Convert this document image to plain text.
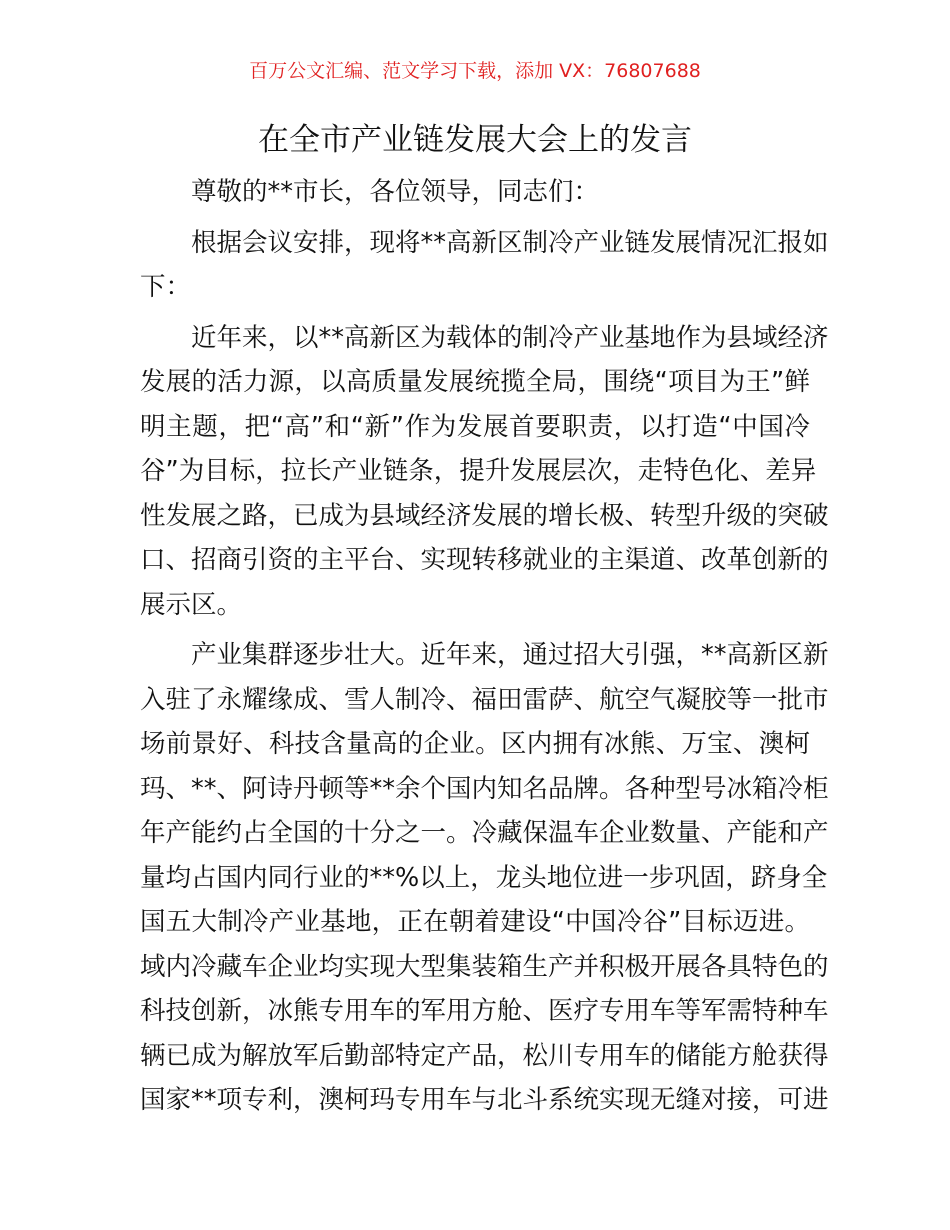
百万公文汇编、范文学习下载，添加 VX：76807688
在全市产业链发展大会上的发言
尊敬的**市长，各位领导，同志们：
根据会议安排，现将**高新区制冷产业链发展情况汇报如
下：
近年来，以**高新区为载体的制冷产业基地作为县域经济
发展的活力源，以高质量发展统揽全局，围绕“项目为王”鲜
明主题，把“高”和“新”作为发展首要职责，以打造“中国冷
谷”为目标，拉长产业链条，提升发展层次，走特色化、差异
性发展之路，已成为县域经济发展的增长极、转型升级的突破
口、招商引资的主平台、实现转移就业的主渠道、改革创新的
展示区。
产业集群逐步壮大。近年来，通过招大引强，**高新区新
入驻了永耀缘成、雪人制冷、福田雷萨、航空气凝胶等一批市
场前景好、科技含量高的企业。区内拥有冰熊、万宝、澳柯
玛、**、阿诗丹顿等**余个国内知名品牌。各种型号冰箱冷柜
年产能约占全国的十分之一。冷藏保温车企业数量、产能和产
量均占国内同行业的**%以上，龙头地位进一步巩固，跻身全
国五大制冷产业基地，正在朝着建设“中国冷谷”目标迈进。
域内冷藏车企业均实现大型集装箱生产并积极开展各具特色的
科技创新，冰熊专用车的军用方舱、医疗专用车等军需特种车
辆已成为解放军后勤部特定产品，松川专用车的储能方舱获得
国家**项专利，澳柯玛专用车与北斗系统实现无缝对接，可进
